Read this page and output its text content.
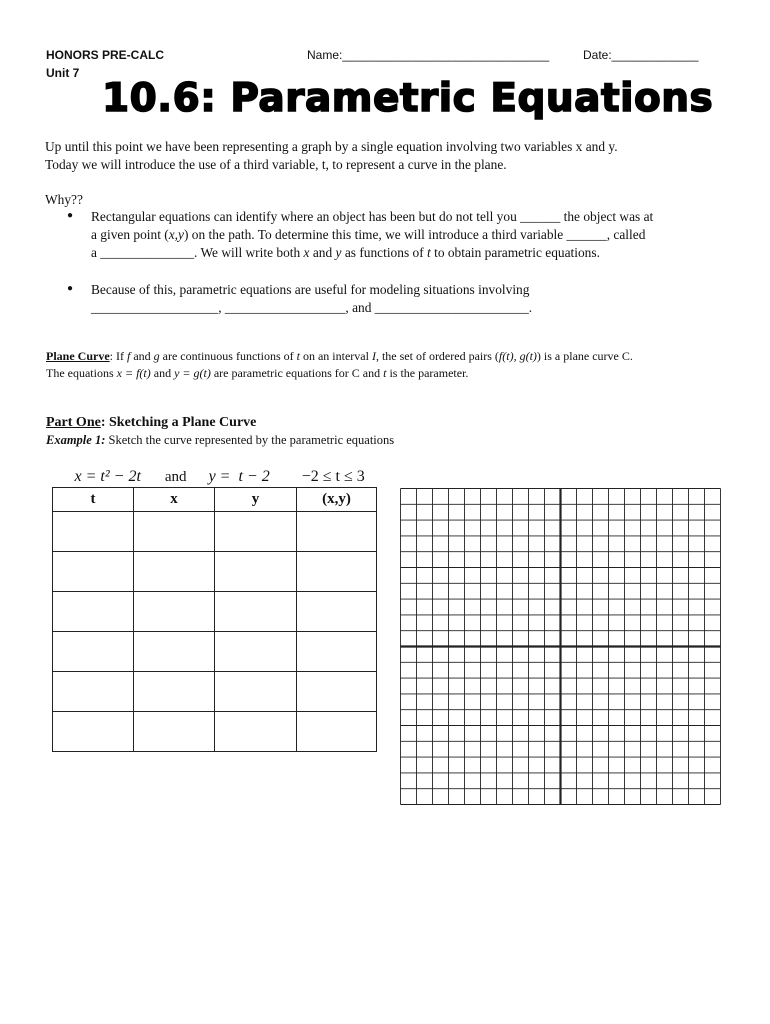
HONORS PRE-CALC
Unit 7
Name:_______________________________	Date:_____________
10.6: Parametric Equations
Up until this point we have been representing a graph by a single equation involving two variables x and y.
Today we will introduce the use of a third variable, t, to represent a curve in the plane.
Why??
● Rectangular equations can identify where an object has been but do not tell you ______ the object was at
a given point (x,y) on the path. To determine this time, we will introduce a third variable ______, called
a ______________. We will write both x and y as functions of t to obtain parametric equations.
● Because of this, parametric equations are useful for modeling situations involving
___________________, __________________, and _______________________.
Plane Curve: If f and g are continuous functions of t on an interval I, the set of ordered pairs (f(t), g(t)) is a plane curve C.
The equations x = f(t) and y = g(t) are parametric equations for C and t is the parameter.
Part One: Sketching a Plane Curve
Example 1: Sketch the curve represented by the parametric equations

x = t² − 2t and y =  t − 2 −2 ≤ t ≤ 3

t	x	y	(x,y)
